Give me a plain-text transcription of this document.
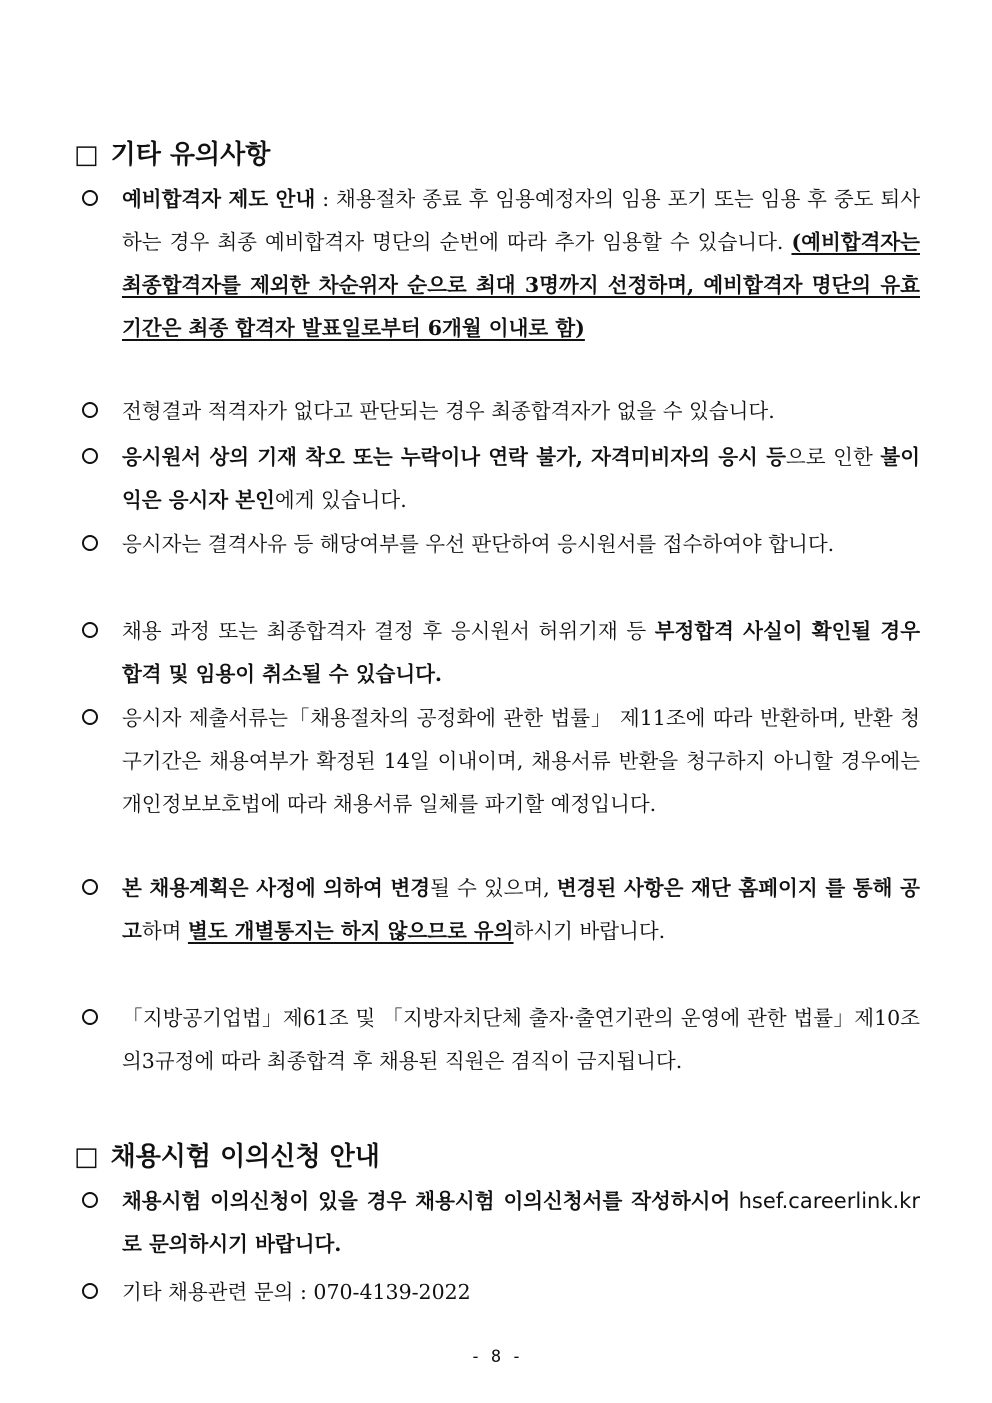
□ 기타 유의사항
예비합격자 제도 안내 : 채용절차 종료 후 임용예정자의 임용 포기 또는 임용 후 중도 퇴사하는 경우 최종 예비합격자 명단의 순번에 따라 추가 임용할 수 있습니다. (예비합격자는 최종합격자를 제외한 차순위자 순으로 최대 3명까지 선정하며, 예비합격자 명단의 유효기간은 최종 합격자 발표일로부터 6개월 이내로 함)
전형결과 적격자가 없다고 판단되는 경우 최종합격자가 없을 수 있습니다.
응시원서 상의 기재 착오 또는 누락이나 연락 불가, 자격미비자의 응시 등으로 인한 불이익은 응시자 본인에게 있습니다.
응시자는 결격사유 등 해당여부를 우선 판단하여 응시원서를 접수하여야 합니다.
채용 과정 또는 최종합격자 결정 후 응시원서 허위기재 등 부정합격 사실이 확인될 경우 합격 및 임용이 취소될 수 있습니다.
응시자 제출서류는「채용절차의 공정화에 관한 법률」 제11조에 따라 반환하며, 반환 청구기간은 채용여부가 확정된 14일 이내이며, 채용서류 반환을 청구하지 아니할 경우에는 개인정보보호법에 따라 채용서류 일체를 파기할 예정입니다.
본 채용계획은 사정에 의하여 변경될 수 있으며, 변경된 사항은 재단 홈페이지 를 통해 공고하며 별도 개별통지는 하지 않으므로 유의하시기 바랍니다.
「지방공기업법」제61조 및 「지방자치단체 출자·출연기관의 운영에 관한 법률」제10조의3규정에 따라 최종합격 후 채용된 직원은 겸직이 금지됩니다.
□ 채용시험 이의신청 안내
채용시험 이의신청이 있을 경우 채용시험 이의신청서를 작성하시어 hsef.careerlink.kr 로 문의하시기 바랍니다.
기타 채용관련 문의 : 070-4139-2022
- 8 -
